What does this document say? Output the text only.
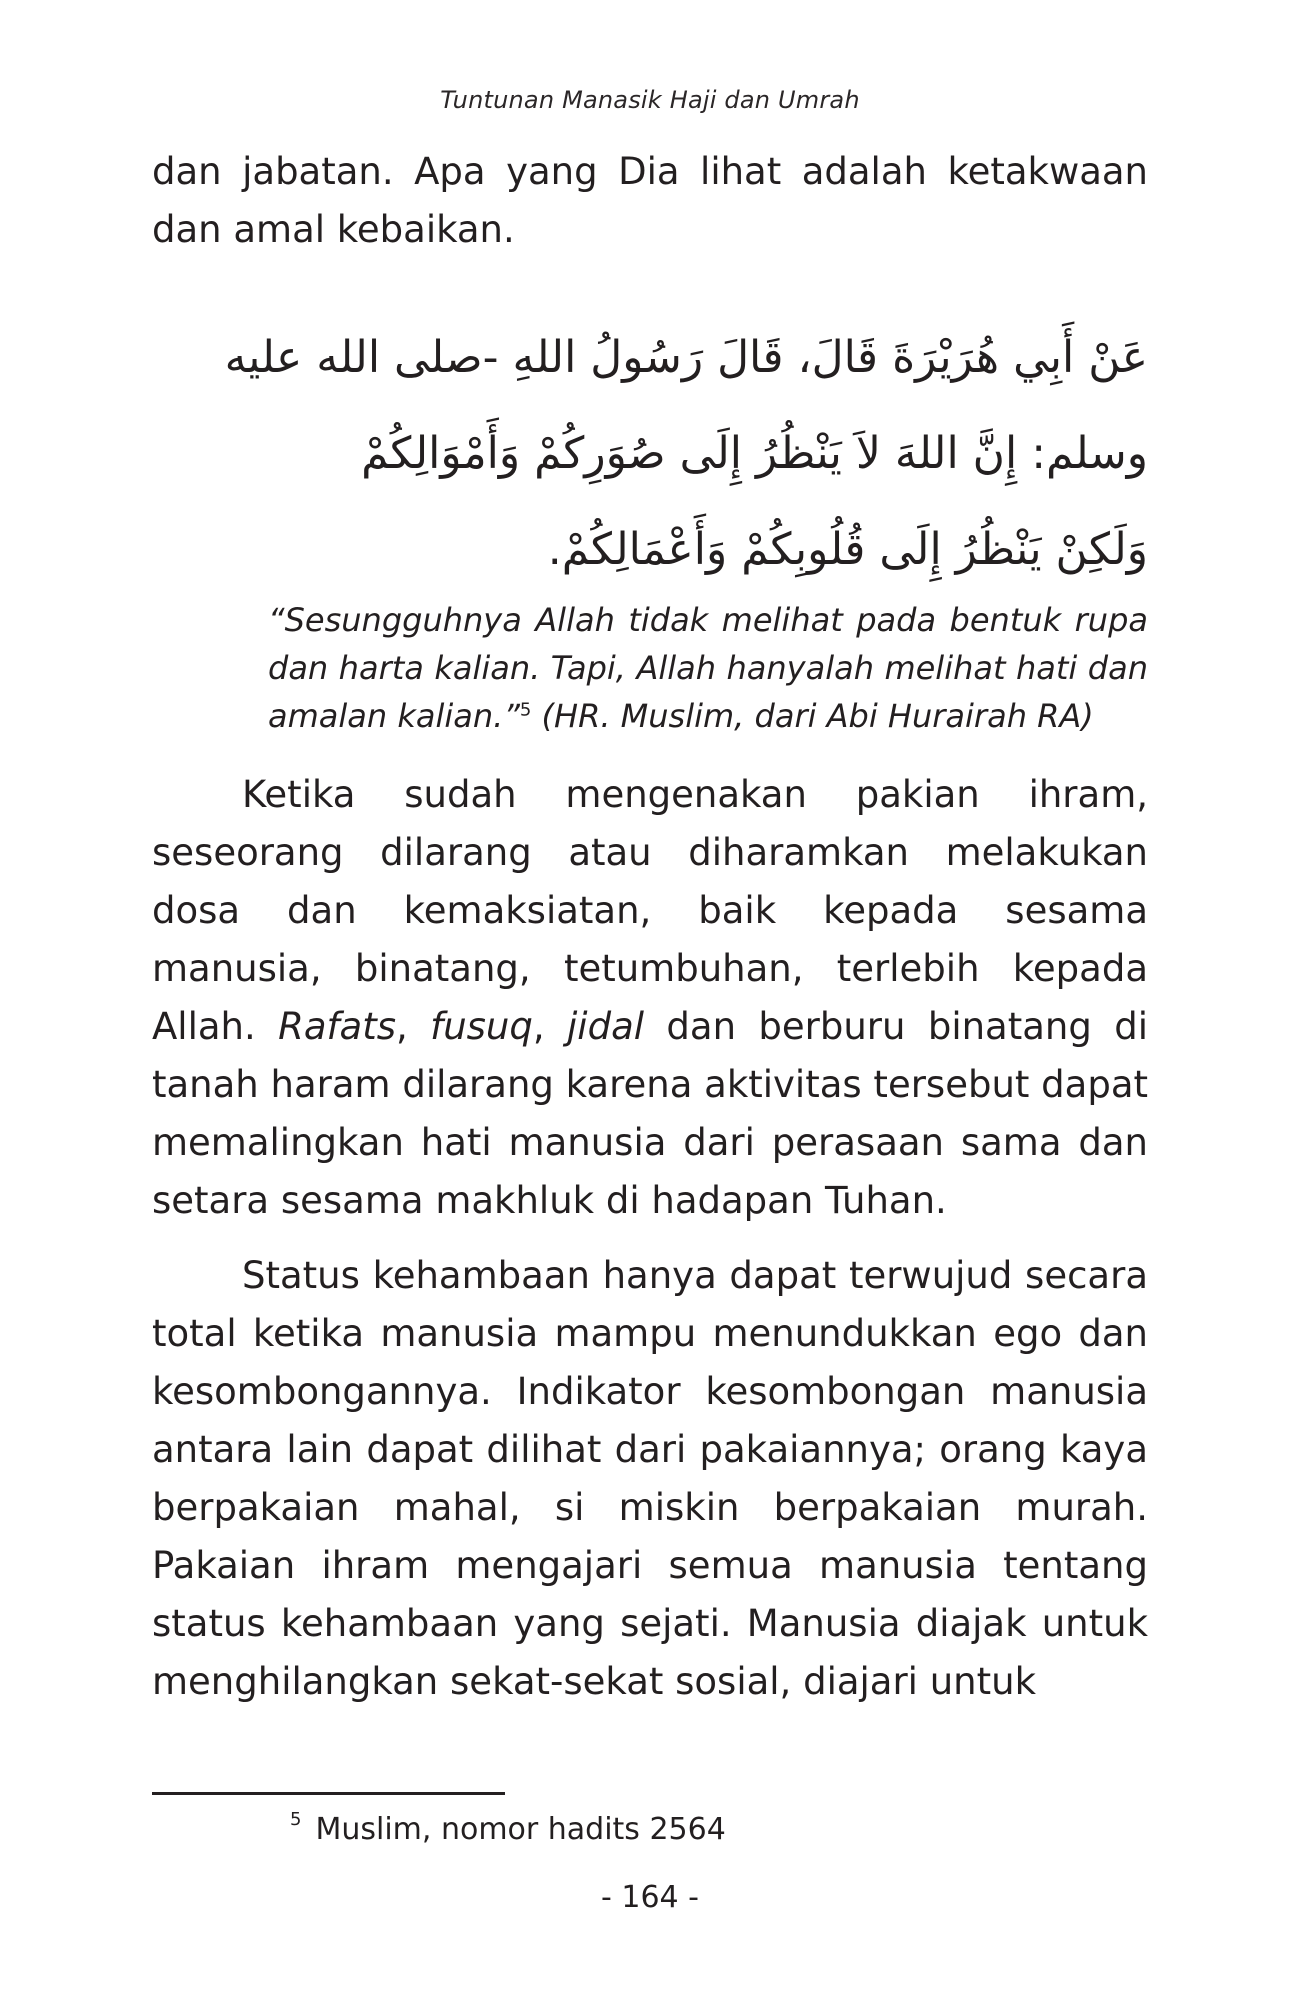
Tuntunan Manasik Haji dan Umrah

dan jabatan. Apa yang Dia lihat adalah ketakwaan dan amal kebaikan.

عَنْ أَبِي هُرَيْرَةَ قَالَ، قَالَ رَسُولُ اللهِ -صلى الله عليه
وسلم: إِنَّ اللهَ لاَ يَنْظُرُ إِلَى صُوَرِكُمْ وَأَمْوَالِكُمْ
وَلَكِنْ يَنْظُرُ إِلَى قُلُوبِكُمْ وَأَعْمَالِكُمْ.

“Sesungguhnya Allah tidak melihat pada bentuk rupa dan harta kalian. Tapi, Allah hanyalah melihat hati dan amalan kalian.”$^5$ (HR. Muslim, dari Abi Hurairah RA)

Ketika sudah mengenakan pakian ihram, seseorang dilarang atau diharamkan melakukan dosa dan kemaksiatan, baik kepada sesama manusia, binatang, tetumbuhan, terlebih kepada Allah. Rafats, fusuq, jidal dan berburu binatang di tanah haram dilarang karena aktivitas tersebut dapat memalingkan hati manusia dari perasaan sama dan setara sesama makhluk di hadapan Tuhan.

Status kehambaan hanya dapat terwujud secara total ketika manusia mampu menundukkan ego dan kesombongannya. Indikator kesombongan manusia antara lain dapat dilihat dari pakaiannya; orang kaya berpakaian mahal, si miskin berpakaian murah. Pakaian ihram mengajari semua manusia tentang status kehambaan yang sejati. Manusia diajak untuk menghilangkan sekat-sekat sosial, diajari untuk

$^5$ Muslim, nomor hadits 2564
- 164 -
